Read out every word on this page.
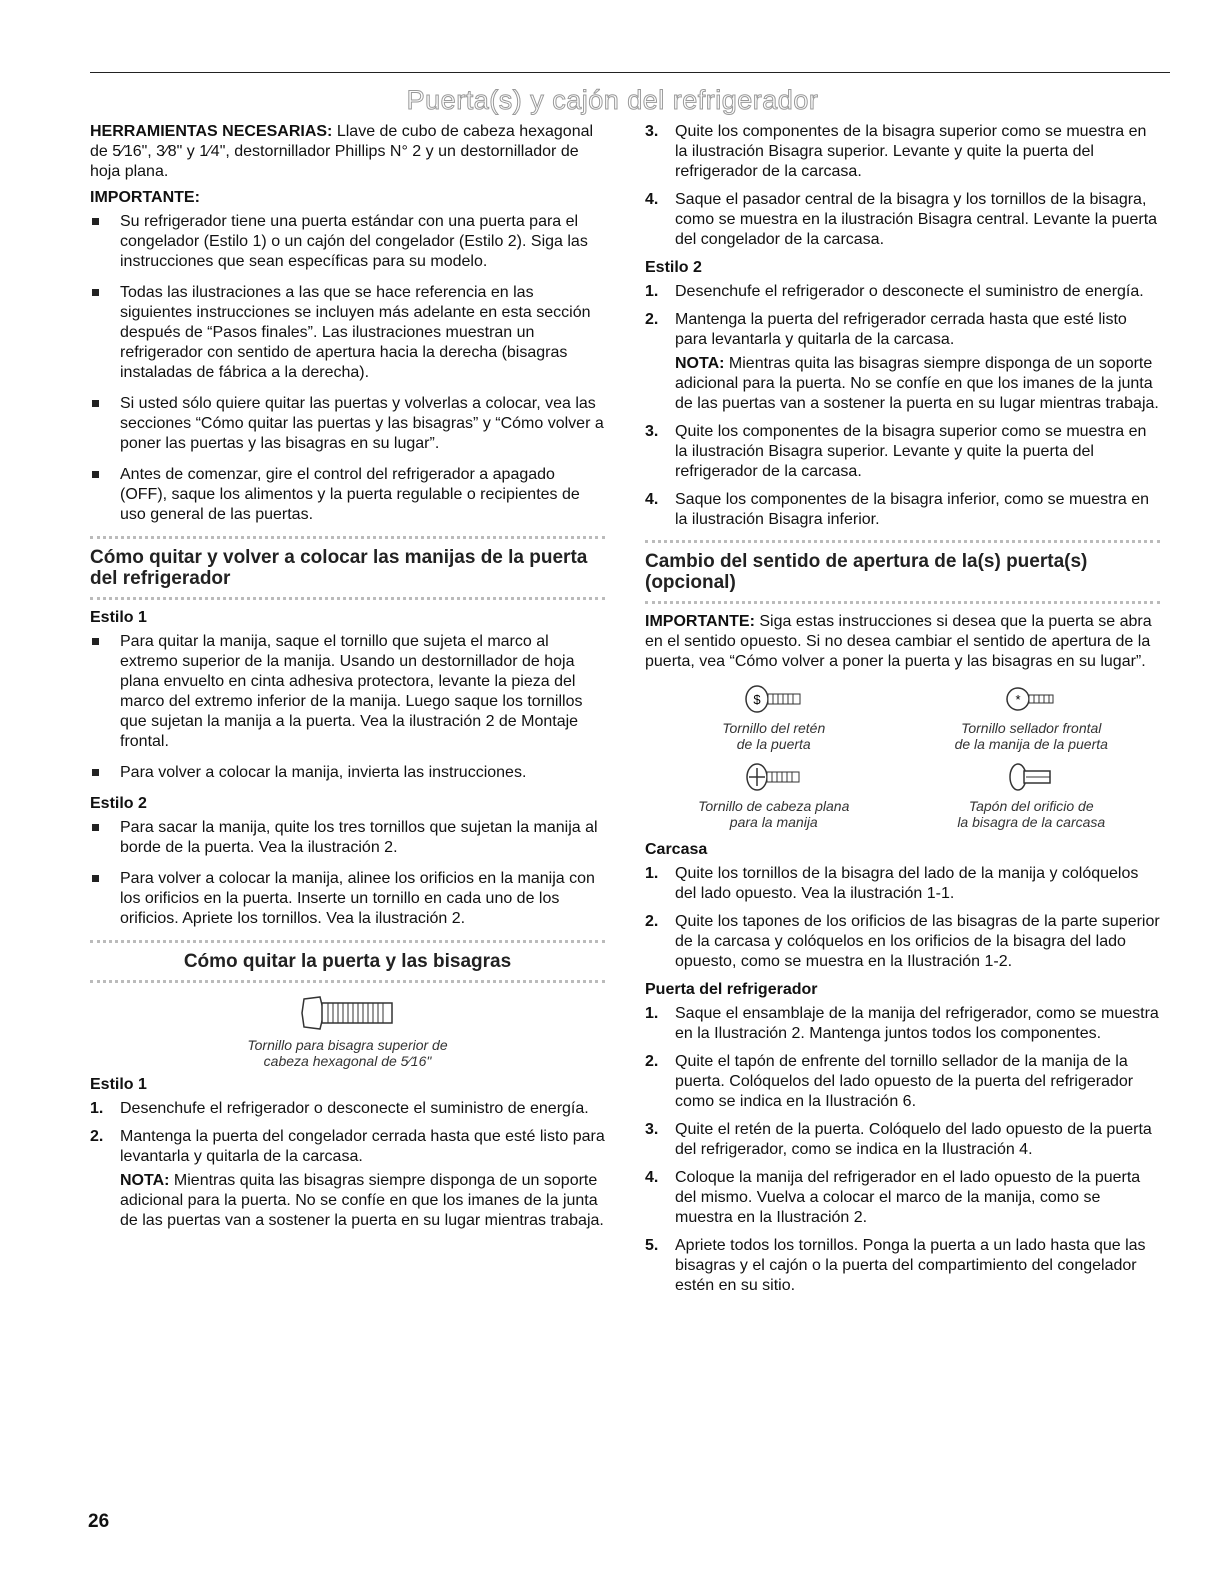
Puerta(s) y cajón del refrigerador

HERRAMIENTAS NECESARIAS: Llave de cubo de cabeza hexagonal de 5⁄16", 3⁄8" y 1⁄4", destornillador Phillips N° 2 y un destornillador de hoja plana.

IMPORTANTE:
Su refrigerador tiene una puerta estándar con una puerta para el congelador (Estilo 1) o un cajón del congelador (Estilo 2). Siga las instrucciones que sean específicas para su modelo.
Todas las ilustraciones a las que se hace referencia en las siguientes instrucciones se incluyen más adelante en esta sección después de “Pasos finales”. Las ilustraciones muestran un refrigerador con sentido de apertura hacia la derecha (bisagras instaladas de fábrica a la derecha).
Si usted sólo quiere quitar las puertas y volverlas a colocar, vea las secciones “Cómo quitar las puertas y las bisagras” y “Cómo volver a poner las puertas y las bisagras en su lugar”.
Antes de comenzar, gire el control del refrigerador a apagado (OFF), saque los alimentos y la puerta regulable o recipientes de uso general de las puertas.
Cómo quitar y volver a colocar las manijas de la puerta del refrigerador
Estilo 1
Para quitar la manija, saque el tornillo que sujeta el marco al extremo superior de la manija. Usando un destornillador de hoja plana envuelto en cinta adhesiva protectora, levante la pieza del marco del extremo inferior de la manija. Luego saque los tornillos que sujetan la manija a la puerta. Vea la ilustración 2 de Montaje frontal.
Para volver a colocar la manija, invierta las instrucciones.
Estilo 2
Para sacar la manija, quite los tres tornillos que sujetan la manija al borde de la puerta. Vea la ilustración 2.
Para volver a colocar la manija, alinee los orificios en la manija con los orificios en la puerta. Inserte un tornillo en cada uno de los orificios. Apriete los tornillos. Vea la ilustración 2.
Cómo quitar la puerta y las bisagras
Tornillo para bisagra superior de
cabeza hexagonal de 5⁄16"
Estilo 1
1. Desenchufe el refrigerador o desconecte el suministro de energía.
2. Mantenga la puerta del congelador cerrada hasta que esté listo para levantarla y quitarla de la carcasa.

NOTA: Mientras quita las bisagras siempre disponga de un soporte adicional para la puerta. No se confíe en que los imanes de la junta de las puertas van a sostener la puerta en su lugar mientras trabaja.

3. Quite los componentes de la bisagra superior como se muestra en la ilustración Bisagra superior. Levante y quite la puerta del refrigerador de la carcasa.
4. Saque el pasador central de la bisagra y los tornillos de la bisagra, como se muestra en la ilustración Bisagra central. Levante la puerta del congelador de la carcasa.
Estilo 2
1. Desenchufe el refrigerador o desconecte el suministro de energía.
2. Mantenga la puerta del refrigerador cerrada hasta que esté listo para levantarla y quitarla de la carcasa.

NOTA: Mientras quita las bisagras siempre disponga de un soporte adicional para la puerta. No se confíe en que los imanes de la junta de las puertas van a sostener la puerta en su lugar mientras trabaja.

3. Quite los componentes de la bisagra superior como se muestra en la ilustración Bisagra superior. Levante y quite la puerta del refrigerador de la carcasa.
4. Saque los componentes de la bisagra inferior, como se muestra en la ilustración Bisagra inferior.
Cambio del sentido de apertura de la(s) puerta(s) (opcional)

IMPORTANTE: Siga estas instrucciones si desea que la puerta se abra en el sentido opuesto. Si no desea cambiar el sentido de apertura de la puerta, vea “Cómo volver a poner la puerta y las bisagras en su lugar”.

$
Tornillo del retén
de la puerta
*
Tornillo sellador frontal
de la manija de la puerta
Tornillo de cabeza plana
para la manija
Tapón del orificio de
la bisagra de la carcasa
Carcasa
1. Quite los tornillos de la bisagra del lado de la manija y colóquelos del lado opuesto. Vea la ilustración 1-1.
2. Quite los tapones de los orificios de las bisagras de la parte superior de la carcasa y colóquelos en los orificios de la bisagra del lado opuesto, como se muestra en la Ilustración 1-2.
Puerta del refrigerador
1. Saque el ensamblaje de la manija del refrigerador, como se muestra en la Ilustración 2. Mantenga juntos todos los componentes.
2. Quite el tapón de enfrente del tornillo sellador de la manija de la puerta. Colóquelos del lado opuesto de la puerta del refrigerador como se indica en la Ilustración 6.
3. Quite el retén de la puerta. Colóquelo del lado opuesto de la puerta del refrigerador, como se indica en la Ilustración 4.
4. Coloque la manija del refrigerador en el lado opuesto de la puerta del mismo. Vuelva a colocar el marco de la manija, como se muestra en la Ilustración 2.
5. Apriete todos los tornillos. Ponga la puerta a un lado hasta que las bisagras y el cajón o la puerta del compartimiento del congelador estén en su sitio.
26
